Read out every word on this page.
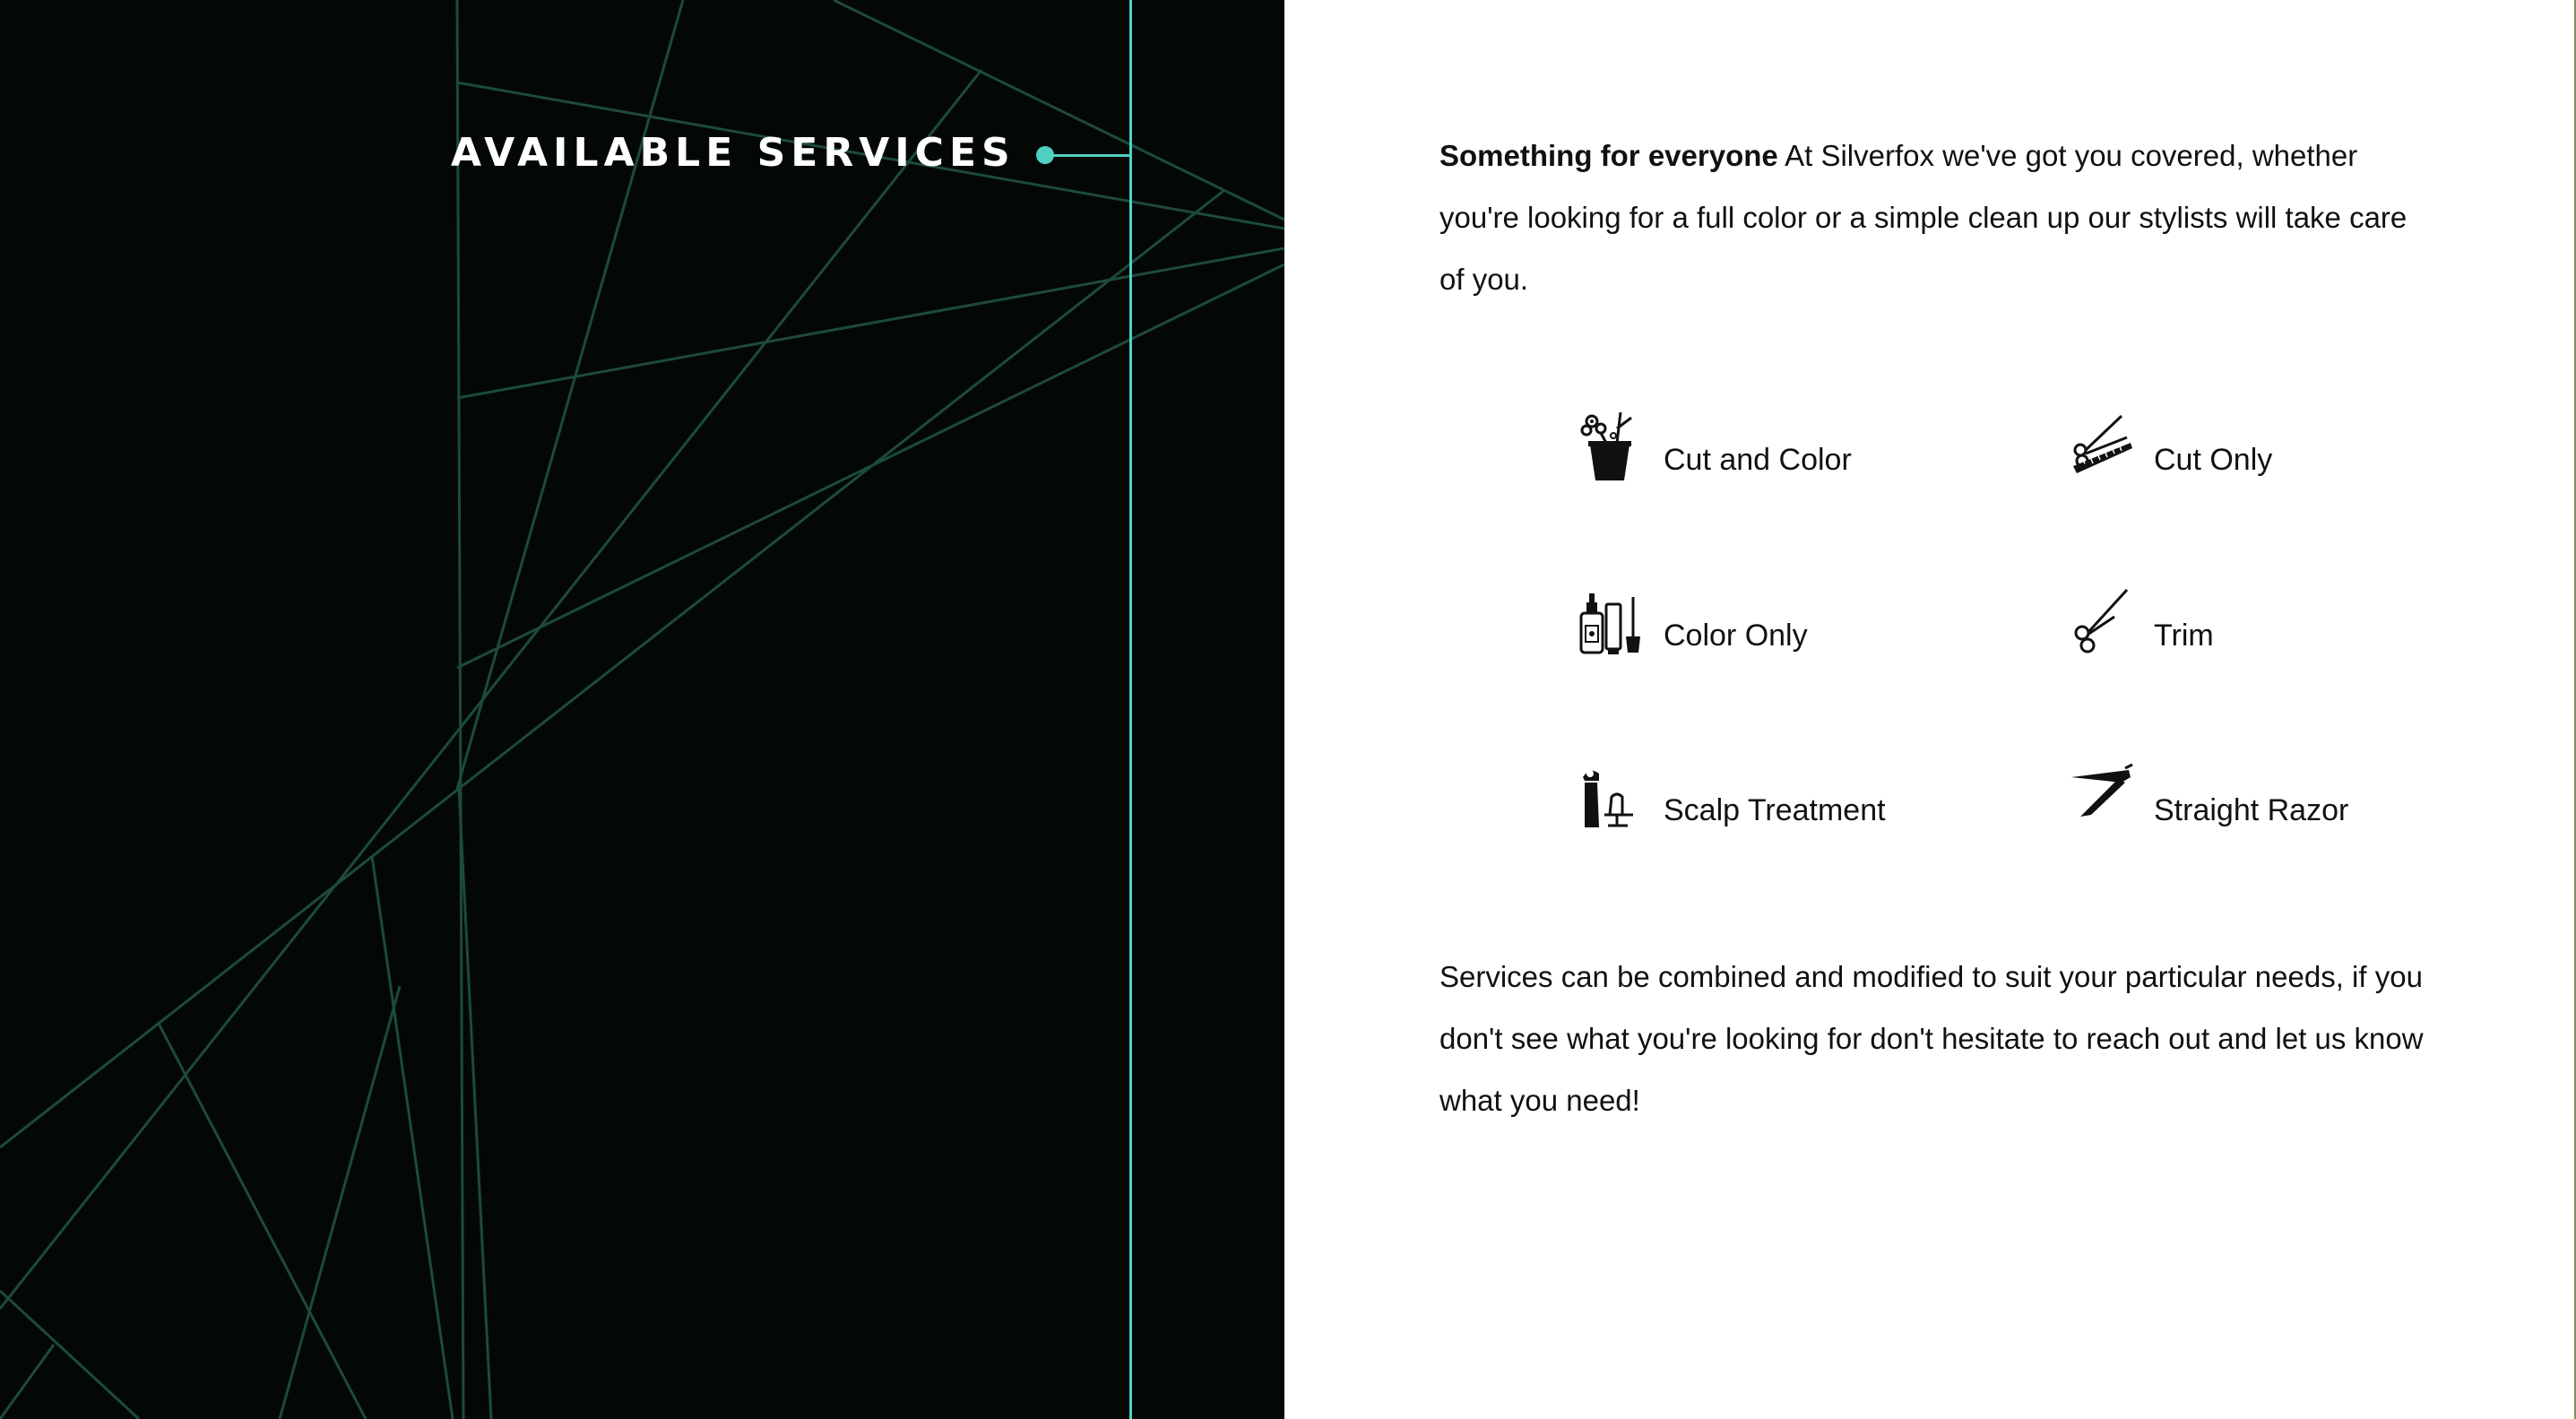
AVAILABLE SERVICES	Something for everyone At Silverfox we've got you covered, whether you're looking for a full color or a simple clean up our stylists will take care of you.

Cut and Color	Cut Only
Color Only	Trim
Scalp Treatment	Straight Razor

Services can be combined and modified to suit your particular needs, if you don't see what you're looking for don't hesitate to reach out and let us know what you need!
